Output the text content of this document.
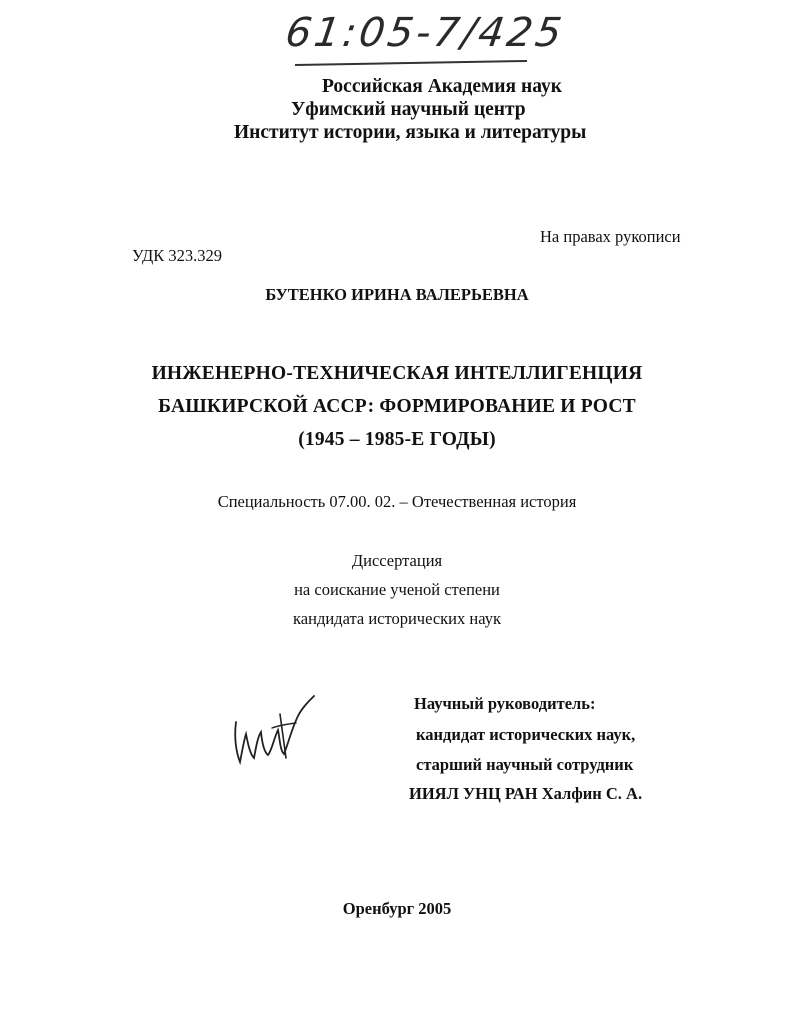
61:05-7/425
Российская Академия наук
Уфимский научный центр
Институт истории, языка и литературы
На правах рукописи
УДК 323.329
БУТЕНКО ИРИНА ВАЛЕРЬЕВНА
ИНЖЕНЕРНО-ТЕХНИЧЕСКАЯ ИНТЕЛЛИГЕНЦИЯ
БАШКИРСКОЙ АССР: ФОРМИРОВАНИЕ И РОСТ
(1945 – 1985-Е ГОДЫ)
Специальность 07.00. 02. – Отечественная история
Диссертация
на соискание ученой степени
кандидата исторических наук
Научный руководитель:
кандидат исторических наук,
старший научный сотрудник
ИИЯЛ УНЦ РАН Халфин С. А.
Оренбург 2005
